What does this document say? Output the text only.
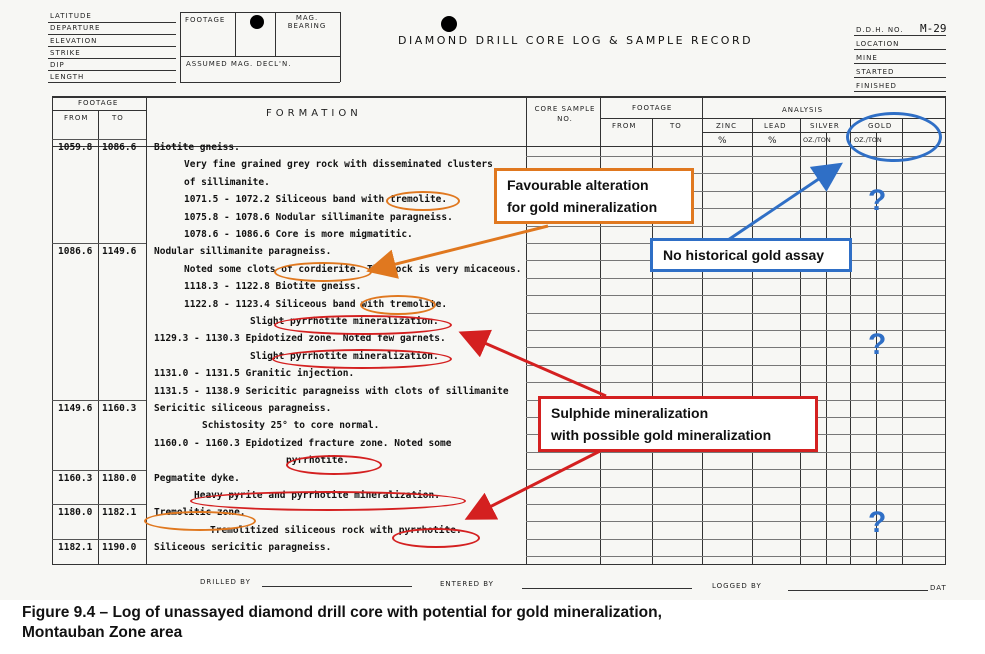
LATITUDE
DEPARTURE
ELEVATION
STRIKE
DIP
LENGTH
FOOTAGE	MAG. BEARING
ASSUMED MAG. DECL'N.
DIAMOND DRILL CORE LOG & SAMPLE RECORD
D.D.H. NO. M-29
LOCATION
MINE
STARTED
FINISHED
FOOTAGE
FROM	TO	FORMATION	CORE SAMPLE NO.
FOOTAGE
FROM	TO
ANALYSIS
ZINC	LEAD	SILVER	GOLD
%	%	OZ./TON	OZ./TON
1059.8 1086.6 Biotite gneiss.
Very fine grained grey rock with disseminated clusters
of sillimanite.
1071.5 - 1072.2 Siliceous band with tremolite.
1075.8 - 1078.6 Nodular sillimanite paragneiss.
1078.6 - 1086.6 Core is more migmatitic.
1086.6 1149.6 Nodular sillimanite paragneiss.
Noted some clots of cordierite. The rock is very micaceous.
1118.3 - 1122.8 Biotite gneiss.
1122.8 - 1123.4 Siliceous band with tremolite.
Slight pyrrhotite mineralization.
1129.3 - 1130.3 Epidotized zone. Noted few garnets.
Slight pyrrhotite mineralization.
1131.0 - 1131.5 Granitic injection.
1131.5 - 1138.9 Sericitic paragneiss with clots of sillimanite
1149.6 1160.3 Sericitic siliceous paragneiss.
Schistosity 25° to core normal.
1160.0 - 1160.3 Epidotized fracture zone. Noted some
pyrrhotite.
1160.3 1180.0 Pegmatite dyke.
Heavy pyrite and pyrrhotite mineralization.
1180.0 1182.1 Tremolitic zone.
Tremolitized siliceous rock with pyrrhotite.
1182.1 1190.0 Siliceous sericitic paragneiss.
DRILLED BY	ENTERED BY	LOGGED BY	DAT
Favourable alteration
for gold mineralization
No historical gold assay
Sulphide mineralization
with possible gold mineralization
?
?
?
Figure 9.4 – Log of unassayed diamond drill core with potential for gold mineralization,
Montauban Zone area
